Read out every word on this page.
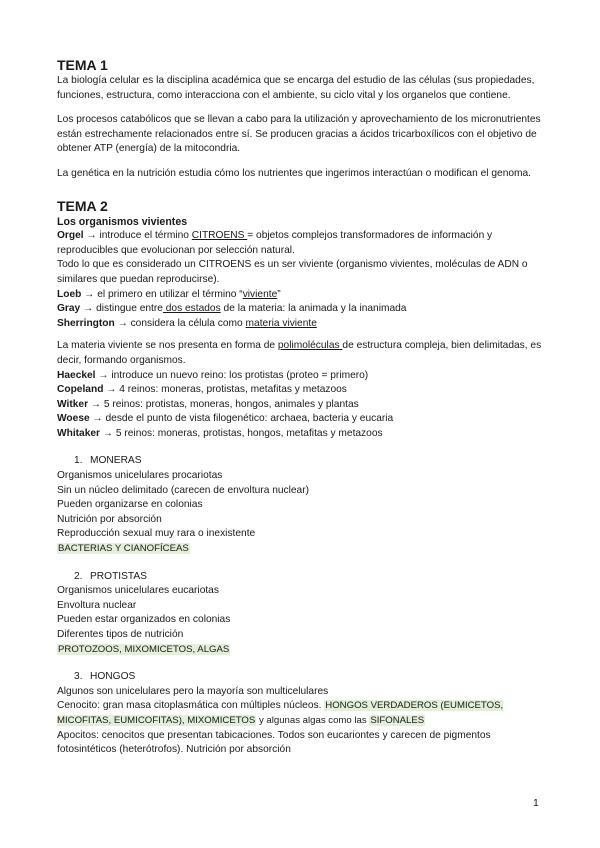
TEMA 1

La biología celular es la disciplina académica que se encarga del estudio de las células (sus propiedades, funciones, estructura, como interacciona con el ambiente, su ciclo vital y los organelos que contiene.

Los procesos catabólicos que se llevan a cabo para la utilización y aprovechamiento de los micronutrientes están estrechamente relacionados entre sí. Se producen gracias a ácidos tricarboxílicos con el objetivo de obtener ATP (energía) de la mitocondria.

La genética en la nutrición estudia cómo los nutrientes que ingerimos interactúan o modifican el genoma.

TEMA 2
Los organismos vivientes

Orgel → introduce el término CITROENS = objetos complejos transformadores de información y reproducibles que evolucionan por selección natural.

Todo lo que es considerado un CITROENS es un ser viviente (organismo vivientes, moléculas de ADN o similares que puedan reproducirse).

Loeb → el primero en utilizar el término “viviente”

Gray → distingue entre dos estados de la materia: la animada y la inanimada

Sherrington → considera la célula como materia viviente

La materia viviente se nos presenta en forma de polimoléculas de estructura compleja, bien delimitadas, es decir, formando organismos.

Haeckel → introduce un nuevo reino: los protistas (proteo = primero)

Copeland → 4 reinos: moneras, protistas, metafitas y metazoos

Witker → 5 reinos: protistas, moneras, hongos, animales y plantas

Woese → desde el punto de vista filogenético: archaea, bacteria y eucaria

Whitaker → 5 reinos: moneras, protistas, hongos, metafitas y metazoos

1. MONERAS

Organismos unicelulares procariotas

Sin un núcleo delimitado (carecen de envoltura nuclear)

Pueden organizarse en colonias

Nutrición por absorción

Reproducción sexual muy rara o inexistente

BACTERIAS Y CIANOFÍCEAS

2. PROTISTAS

Organismos unicelulares eucariotas

Envoltura nuclear

Pueden estar organizados en colonias

Diferentes tipos de nutrición

PROTOZOOS, MIXOMICETOS, ALGAS

3. HONGOS

Algunos son unicelulares pero la mayoría son multicelulares

Cenocito: gran masa citoplasmática con múltiples núcleos. HONGOS VERDADEROS (EUMICETOS, MICOFITAS, EUMICOFITAS), MIXOMICETOS y algunas algas como las SIFONALES

Apocitos: cenocitos que presentan tabicaciones. Todos son eucariontes y carecen de pigmentos fotosintéticos (heterótrofos). Nutrición por absorción

1
